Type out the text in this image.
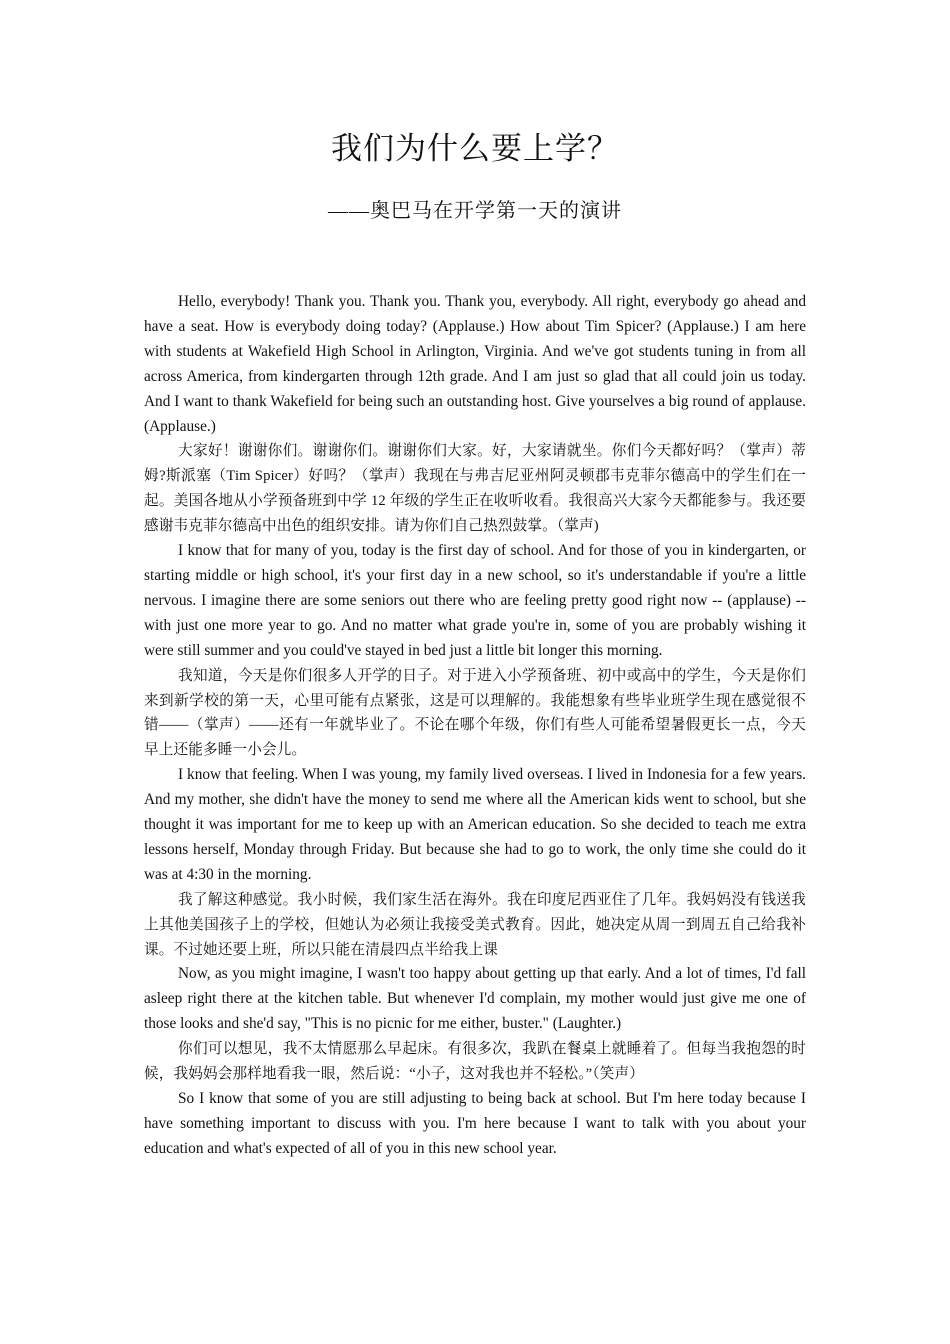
我们为什么要上学？
——奥巴马在开学第一天的演讲

Hello, everybody! Thank you. Thank you. Thank you, everybody. All right, everybody go ahead and have a seat. How is everybody doing today? (Applause.) How about Tim Spicer? (Applause.) I am here with students at Wakefield High School in Arlington, Virginia. And we've got students tuning in from all across America, from kindergarten through 12th grade. And I am just so glad that all could join us today. And I want to thank Wakefield for being such an outstanding host. Give yourselves a big round of applause. (Applause.)

大家好！谢谢你们。谢谢你们。谢谢你们大家。好，大家请就坐。你们今天都好吗？（掌声）蒂姆?斯派塞（Tim Spicer）好吗？（掌声）我现在与弗吉尼亚州阿灵顿郡韦克菲尔德高中的学生们在一起。美国各地从小学预备班到中学 12 年级的学生正在收听收看。我很高兴大家今天都能参与。我还要感谢韦克菲尔德高中出色的组织安排。请为你们自己热烈鼓掌。（掌声)

I know that for many of you, today is the first day of school. And for those of you in kindergarten, or starting middle or high school, it's your first day in a new school, so it's understandable if you're a little nervous. I imagine there are some seniors out there who are feeling pretty good right now -- (applause) -- with just one more year to go. And no matter what grade you're in, some of you are probably wishing it were still summer and you could've stayed in bed just a little bit longer this morning.

我知道，今天是你们很多人开学的日子。对于进入小学预备班、初中或高中的学生，今天是你们来到新学校的第一天，心里可能有点紧张，这是可以理解的。我能想象有些毕业班学生现在感觉很不错——（掌声）——还有一年就毕业了。不论在哪个年级，你们有些人可能希望暑假更长一点，今天早上还能多睡一小会儿。

I know that feeling. When I was young, my family lived overseas. I lived in Indonesia for a few years. And my mother, she didn't have the money to send me where all the American kids went to school, but she thought it was important for me to keep up with an American education. So she decided to teach me extra lessons herself, Monday through Friday. But because she had to go to work, the only time she could do it was at 4:30 in the morning.

我了解这种感觉。我小时候，我们家生活在海外。我在印度尼西亚住了几年。我妈妈没有钱送我上其他美国孩子上的学校，但她认为必须让我接受美式教育。因此，她决定从周一到周五自己给我补课。不过她还要上班，所以只能在清晨四点半给我上课

Now, as you might imagine, I wasn't too happy about getting up that early. And a lot of times, I'd fall asleep right there at the kitchen table. But whenever I'd complain, my mother would just give me one of those looks and she'd say, "This is no picnic for me either, buster." (Laughter.)

你们可以想见，我不太情愿那么早起床。有很多次，我趴在餐桌上就睡着了。但每当我抱怨的时候，我妈妈会那样地看我一眼，然后说：“小子，这对我也并不轻松。”（笑声）

So I know that some of you are still adjusting to being back at school. But I'm here today because I have something important to discuss with you. I'm here because I want to talk with you about your education and what's expected of all of you in this new school year.
